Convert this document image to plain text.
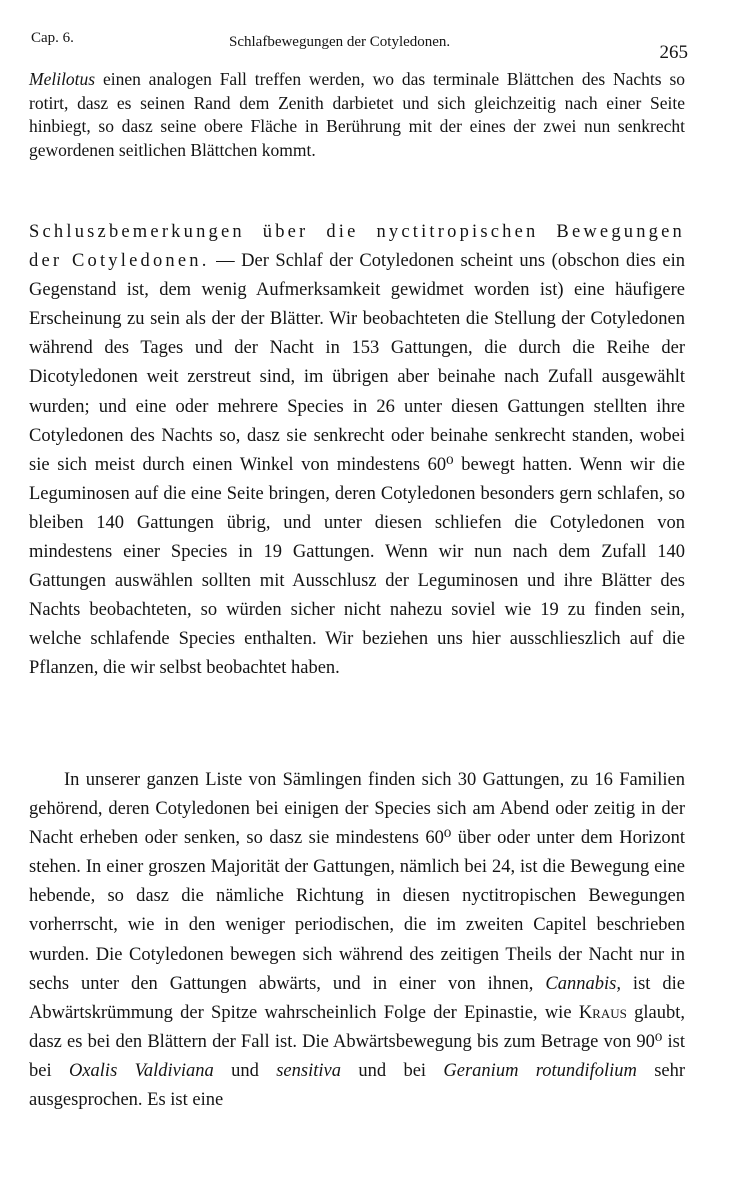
Cap. 6.	Schlafbewegungen der Cotyledonen.	265

Melilotus einen analogen Fall treffen werden, wo das terminale Blättchen des Nachts so rotirt, dasz es seinen Rand dem Zenith darbietet und sich gleichzeitig nach einer Seite hinbiegt, so dasz seine obere Fläche in Berührung mit der eines der zwei nun senkrecht gewordenen seitlichen Blättchen kommt.

Schluszbemerkungen über die nyctitropischen Bewegungen der Cotyledonen. — Der Schlaf der Cotyledonen scheint uns (obschon dies ein Gegenstand ist, dem wenig Aufmerksamkeit gewidmet worden ist) eine häufigere Erscheinung zu sein als der der Blätter. Wir beobachteten die Stellung der Cotyledonen während des Tages und der Nacht in 153 Gattungen, die durch die Reihe der Dicotyledonen weit zerstreut sind, im übrigen aber beinahe nach Zufall ausgewählt wurden; und eine oder mehrere Species in 26 unter diesen Gattungen stellten ihre Cotyledonen des Nachts so, dasz sie senkrecht oder beinahe senkrecht standen, wobei sie sich meist durch einen Winkel von mindestens 60⁰ bewegt hatten. Wenn wir die Leguminosen auf die eine Seite bringen, deren Cotyledonen besonders gern schlafen, so bleiben 140 Gattungen übrig, und unter diesen schliefen die Cotyledonen von mindestens einer Species in 19 Gattungen. Wenn wir nun nach dem Zufall 140 Gattungen auswählen sollten mit Ausschlusz der Leguminosen und ihre Blätter des Nachts beobachteten, so würden sicher nicht nahezu soviel wie 19 zu finden sein, welche schlafende Species enthalten. Wir beziehen uns hier ausschlieszlich auf die Pflanzen, die wir selbst beobachtet haben.

In unserer ganzen Liste von Sämlingen finden sich 30 Gattungen, zu 16 Familien gehörend, deren Cotyledonen bei einigen der Species sich am Abend oder zeitig in der Nacht erheben oder senken, so dasz sie mindestens 60⁰ über oder unter dem Horizont stehen. In einer groszen Majorität der Gattungen, nämlich bei 24, ist die Bewegung eine hebende, so dasz die nämliche Richtung in diesen nyctitropischen Bewegungen vorherrscht, wie in den weniger periodischen, die im zweiten Capitel beschrieben wurden. Die Cotyledonen bewegen sich während des zeitigen Theils der Nacht nur in sechs unter den Gattungen abwärts, und in einer von ihnen, Cannabis, ist die Abwärtskrümmung der Spitze wahrscheinlich Folge der Epinastie, wie Kraus glaubt, dasz es bei den Blättern der Fall ist. Die Abwärtsbewegung bis zum Betrage von 90⁰ ist bei Oxalis Valdiviana und sensitiva und bei Geranium rotundifolium sehr ausgesprochen. Es ist eine
